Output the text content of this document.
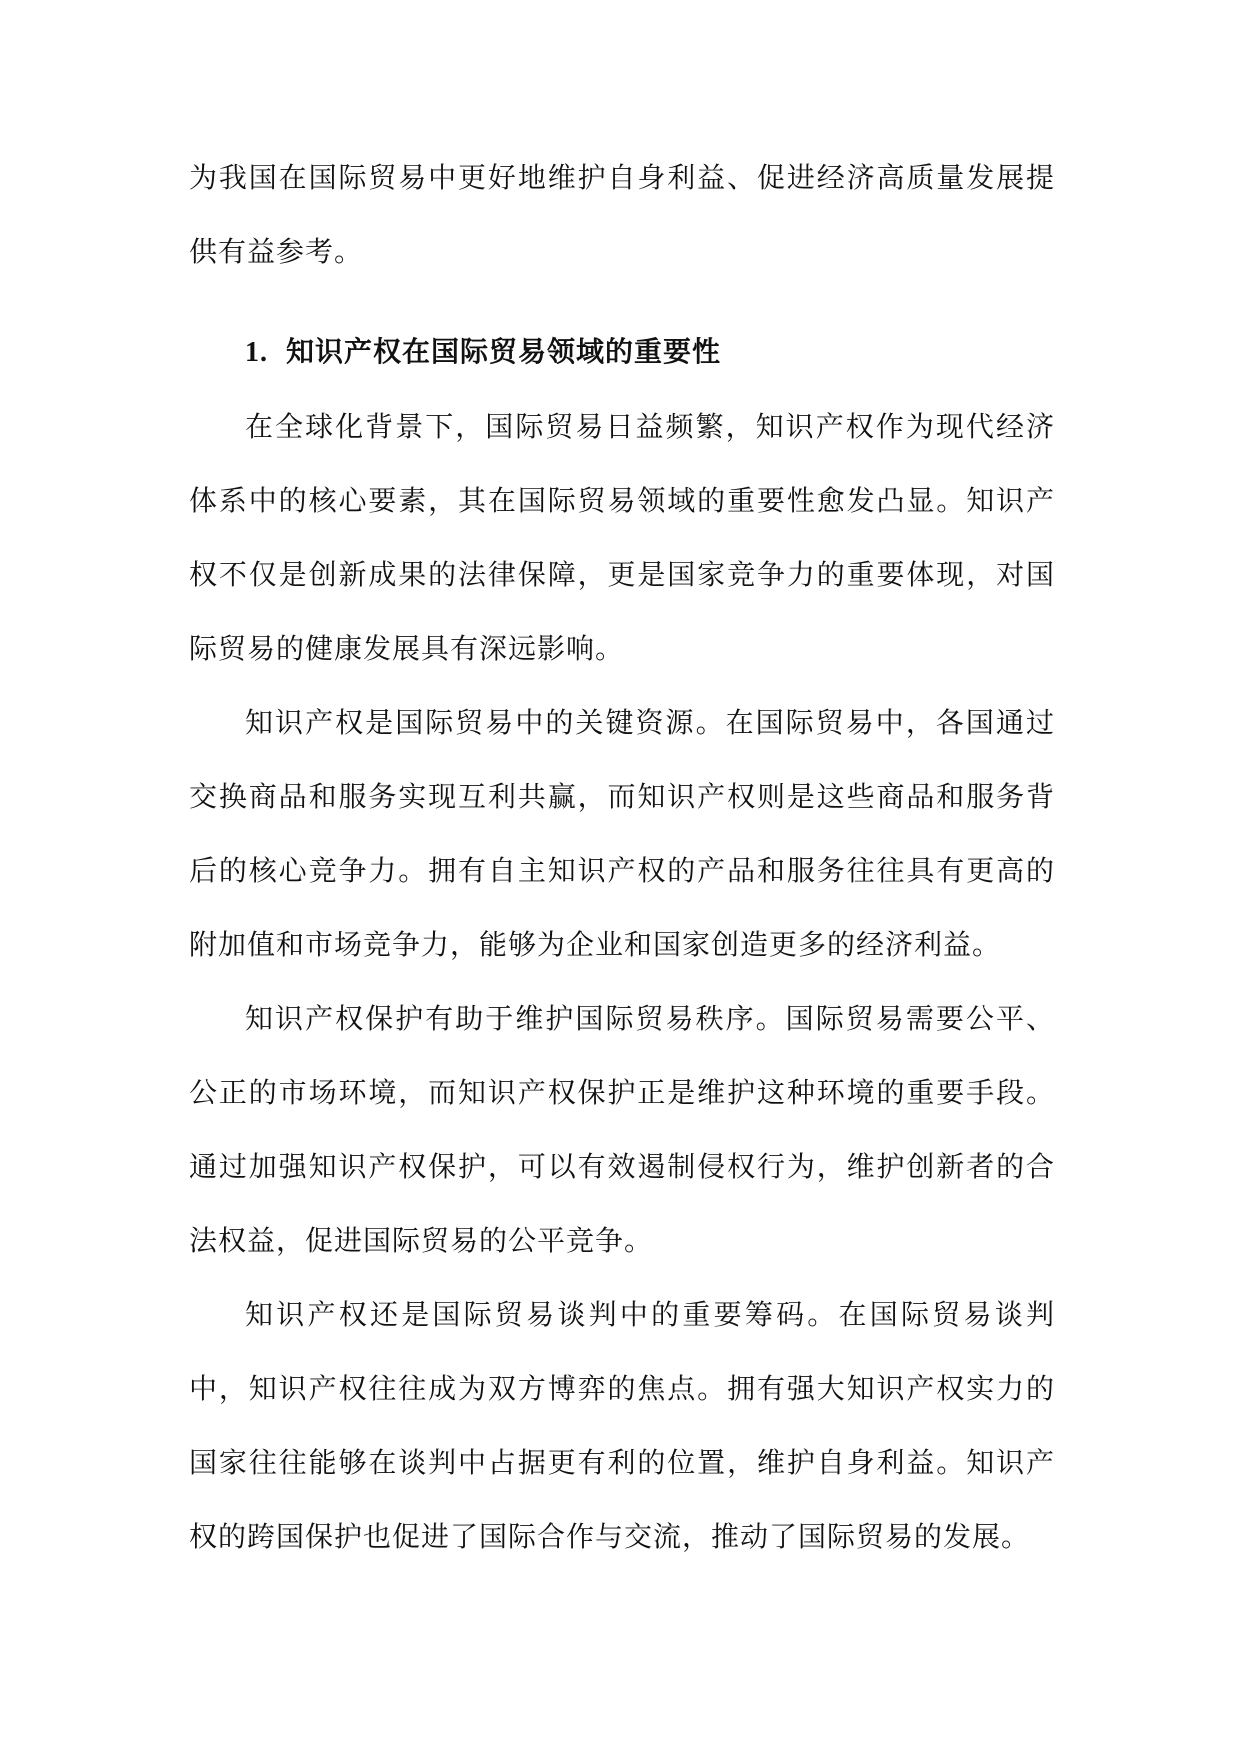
为我国在国际贸易中更好地维护自身利益、促进经济高质量发展提供有益参考。

1. 知识产权在国际贸易领域的重要性

在全球化背景下，国际贸易日益频繁，知识产权作为现代经济体系中的核心要素，其在国际贸易领域的重要性愈发凸显。知识产权不仅是创新成果的法律保障，更是国家竞争力的重要体现，对国际贸易的健康发展具有深远影响。

知识产权是国际贸易中的关键资源。在国际贸易中，各国通过交换商品和服务实现互利共赢，而知识产权则是这些商品和服务背后的核心竞争力。拥有自主知识产权的产品和服务往往具有更高的附加值和市场竞争力，能够为企业和国家创造更多的经济利益。

知识产权保护有助于维护国际贸易秩序。国际贸易需要公平、公正的市场环境，而知识产权保护正是维护这种环境的重要手段。通过加强知识产权保护，可以有效遏制侵权行为，维护创新者的合法权益，促进国际贸易的公平竞争。

知识产权还是国际贸易谈判中的重要筹码。在国际贸易谈判中，知识产权往往成为双方博弈的焦点。拥有强大知识产权实力的国家往往能够在谈判中占据更有利的位置，维护自身利益。知识产权的跨国保护也促进了国际合作与交流，推动了国际贸易的发展。
